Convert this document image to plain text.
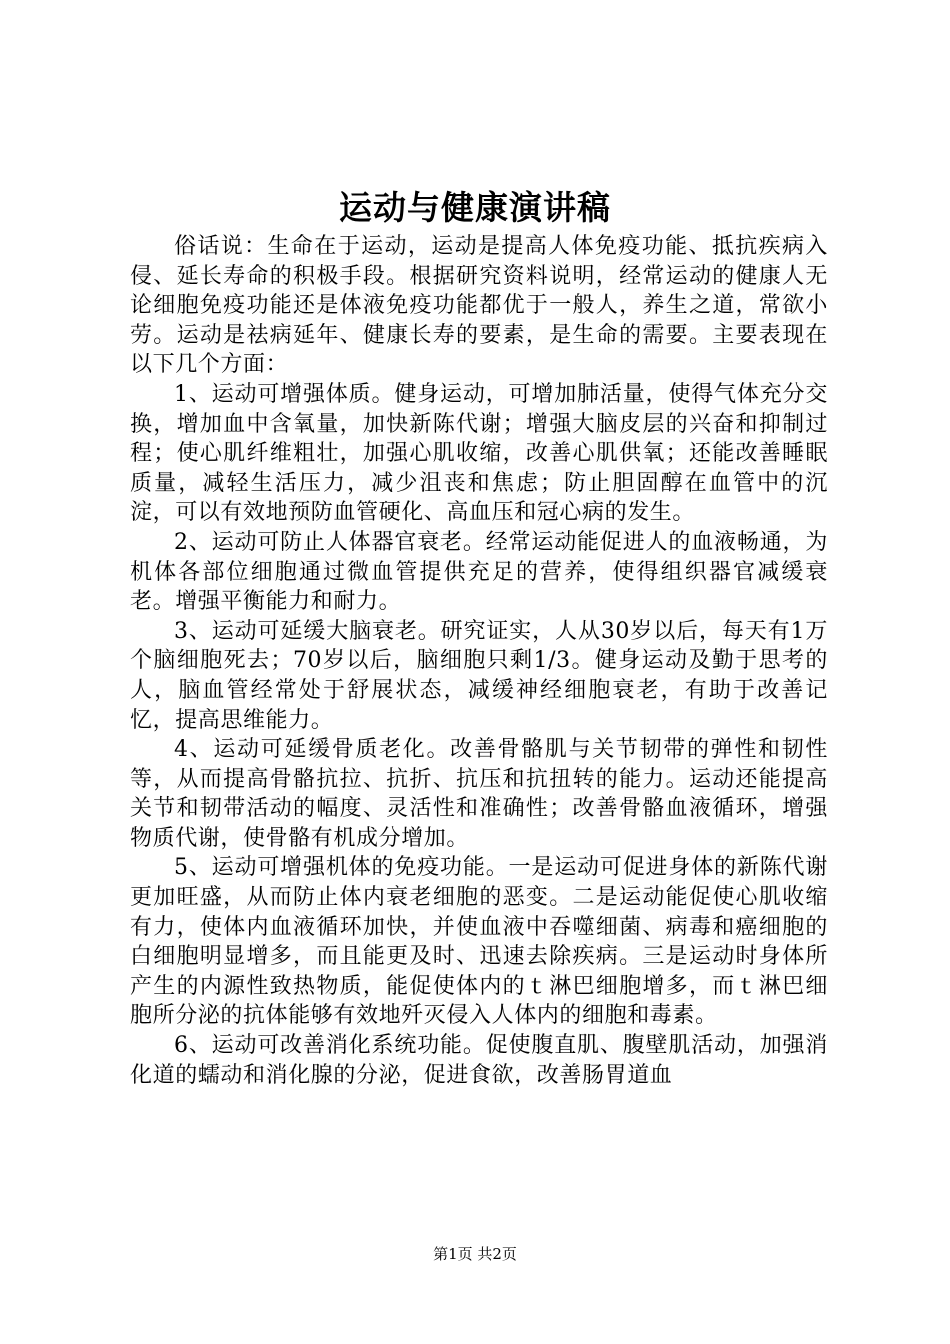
运动与健康演讲稿

俗话说：生命在于运动，运动是提高人体免疫功能、抵抗疾病入侵、延长寿命的积极手段。根据研究资料说明，经常运动的健康人无论细胞免疫功能还是体液免疫功能都优于一般人，养生之道，常欲小劳。运动是祛病延年、健康长寿的要素，是生命的需要。主要表现在以下几个方面：

1、运动可增强体质。健身运动，可增加肺活量，使得气体充分交换，增加血中含氧量，加快新陈代谢；增强大脑皮层的兴奋和抑制过程；使心肌纤维粗壮，加强心肌收缩，改善心肌供氧；还能改善睡眠质量，减轻生活压力，减少沮丧和焦虑；防止胆固醇在血管中的沉淀，可以有效地预防血管硬化、高血压和冠心病的发生。

2、运动可防止人体器官衰老。经常运动能促进人的血液畅通，为机体各部位细胞通过微血管提供充足的营养，使得组织器官减缓衰老。增强平衡能力和耐力。

3、运动可延缓大脑衰老。研究证实，人从30岁以后，每天有1万个脑细胞死去；70岁以后，脑细胞只剩1/3。健身运动及勤于思考的人，脑血管经常处于舒展状态，减缓神经细胞衰老，有助于改善记忆，提高思维能力。

4、运动可延缓骨质老化。改善骨骼肌与关节韧带的弹性和韧性等，从而提高骨骼抗拉、抗折、抗压和抗扭转的能力。运动还能提高关节和韧带活动的幅度、灵活性和准确性；改善骨骼血液循环，增强物质代谢，使骨骼有机成分增加。

5、运动可增强机体的免疫功能。一是运动可促进身体的新陈代谢更加旺盛，从而防止体内衰老细胞的恶变。二是运动能促使心肌收缩有力，使体内血液循环加快，并使血液中吞噬细菌、病毒和癌细胞的白细胞明显增多，而且能更及时、迅速去除疾病。三是运动时身体所产生的内源性致热物质，能促使体内的ｔ淋巴细胞增多，而ｔ淋巴细胞所分泌的抗体能够有效地歼灭侵入人体内的细胞和毒素。

6、运动可改善消化系统功能。促使腹直肌、腹壁肌活动，加强消化道的蠕动和消化腺的分泌，促进食欲，改善肠胃道血

第1页 共2页
